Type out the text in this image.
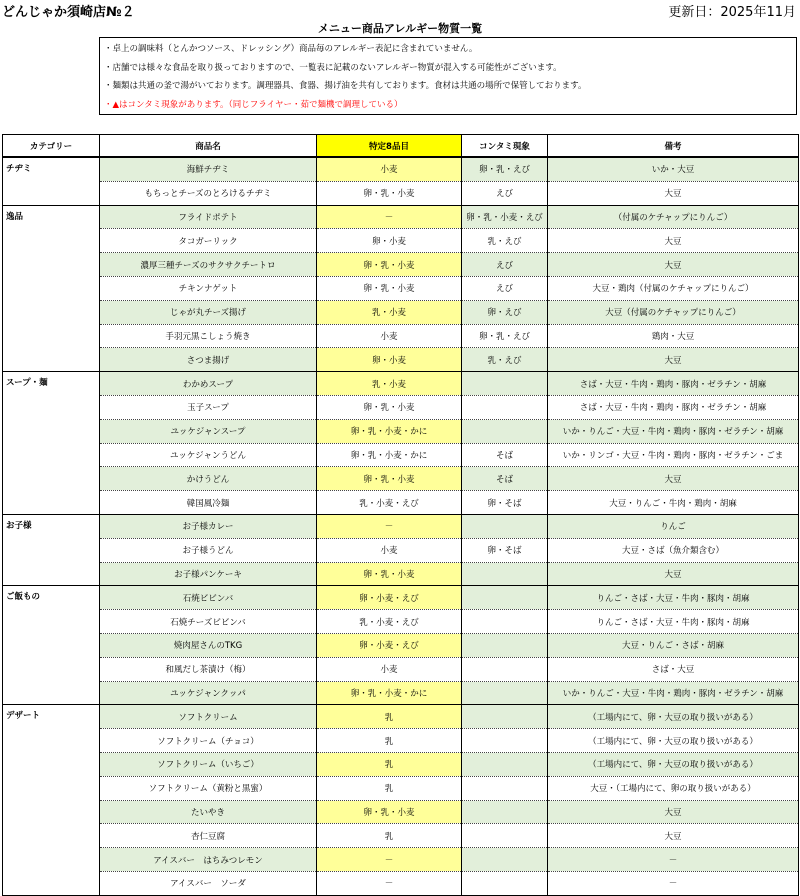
どんじゃか須崎店№２	更新日：2025年11月
メニュー商品アレルギー物質一覧
・卓上の調味料（とんかつソース、ドレッシング）商品毎のアレルギー表記に含まれていません。
・店舗では様々な食品を取り扱っておりますので、一覧表に記載のないアレルギー物質が混入する可能性がございます。
・麺類は共通の釜で湯がいております。調理器具、食器、揚げ油を共有しております。食材は共通の場所で保管しております。
・▲はコンタミ現象があります。（同じフライヤー・茹で麺機で調理している）
カテゴリー	商品名	特定8品目	コンタミ現象	備考
チヂミ	海鮮チヂミ	小麦	卵・乳・えび	いか・大豆
	もちっとチーズのとろけるチヂミ	卵・乳・小麦	えび	大豆
逸品	フライドポテト	－	卵・乳・小麦・えび	（付属のケチャップにりんご）
	タコガーリック	卵・小麦	乳・えび	大豆
	濃厚三種チーズのサクサクチートロ	卵・乳・小麦	えび	大豆
	チキンナゲット	卵・乳・小麦	えび	大豆・鶏肉（付属のケチャップにりんご）
	じゃが丸チーズ揚げ	乳・小麦	卵・えび	大豆（付属のケチャップにりんご）
	手羽元黒こしょう焼き	小麦	卵・乳・えび	鶏肉・大豆
	さつま揚げ	卵・小麦	乳・えび	大豆
スープ・麺	わかめスープ	乳・小麦		さば・大豆・牛肉・鶏肉・豚肉・ゼラチン・胡麻
	玉子スープ	卵・乳・小麦		さば・大豆・牛肉・鶏肉・豚肉・ゼラチン・胡麻
	ユッケジャンスープ	卵・乳・小麦・かに		いか・りんご・大豆・牛肉・鶏肉・豚肉・ゼラチン・胡麻
	ユッケジャンうどん	卵・乳・小麦・かに	そば	いか・リンゴ・大豆・牛肉・鶏肉・豚肉・ゼラチン・ごま
	かけうどん	卵・乳・小麦	そば	大豆
	韓国風冷麺	乳・小麦・えび	卵・そば	大豆・りんご・牛肉・鶏肉・胡麻
お子様	お子様カレー	－		りんご
	お子様うどん	小麦	卵・そば	大豆・さば（魚介類含む）
	お子様パンケーキ	卵・乳・小麦		大豆
ご飯もの	石焼ビビンバ	卵・小麦・えび		りんご・さば・大豆・牛肉・豚肉・胡麻
	石焼チーズビビンバ	乳・小麦・えび		りんご・さば・大豆・牛肉・豚肉・胡麻
	焼肉屋さんのTKG	卵・小麦・えび		大豆・りんご・さば・胡麻
	和風だし茶漬け（梅）	小麦		さば・大豆
	ユッケジャンクッパ	卵・乳・小麦・かに		いか・りんご・大豆・牛肉・鶏肉・豚肉・ゼラチン・胡麻
デザート	ソフトクリーム	乳		（工場内にて、卵・大豆の取り扱いがある）
	ソフトクリーム（チョコ）	乳		（工場内にて、卵・大豆の取り扱いがある）
	ソフトクリーム（いちご）	乳		（工場内にて、卵・大豆の取り扱いがある）
	ソフトクリーム（黄粉と黒蜜）	乳		大豆・（工場内にて、卵の取り扱いがある）
	たいやき	卵・乳・小麦		大豆
	杏仁豆腐	乳		大豆
	アイスバー　はちみつレモン	－		－
	アイスバー　ソーダ	－		－
